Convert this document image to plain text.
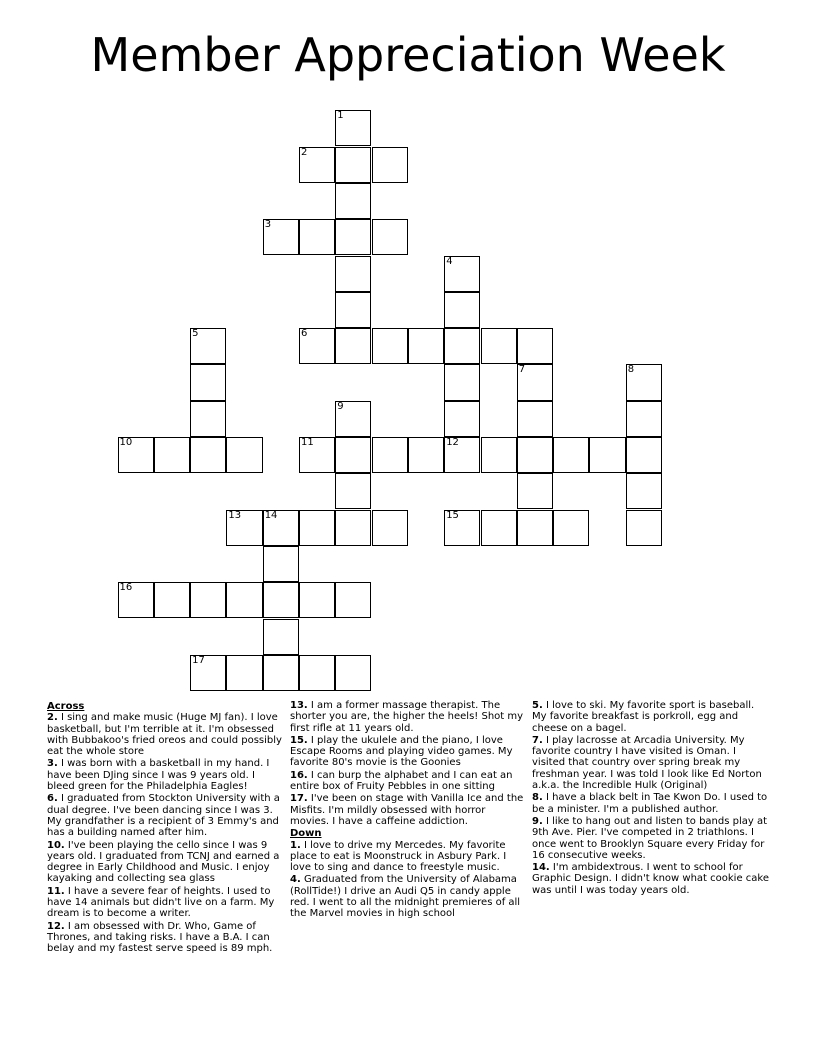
Member Appreciation Week
1
2
3
4
5	6
7	8
9
10	11	12
13 14	15
16
17
Across
2. I sing and make music (Huge MJ fan). I love basketball, but I'm terrible at it. I'm obsessed with Bubbakoo's fried oreos and could possibly eat the whole store
3. I was born with a basketball in my hand. I have been DJing since I was 9 years old. I bleed green for the Philadelphia Eagles!
6. I graduated from Stockton University with a dual degree. I've been dancing since I was 3. My grandfather is a recipient of 3 Emmy's and has a building named after him.
10. I've been playing the cello since I was 9 years old. I graduated from TCNJ and earned a degree in Early Childhood and Music. I enjoy kayaking and collecting sea glass
11. I have a severe fear of heights. I used to have 14 animals but didn't live on a farm. My dream is to become a writer.
12. I am obsessed with Dr. Who, Game of Thrones, and taking risks. I have a B.A. I can belay and my fastest serve speed is 89 mph.
13. I am a former massage therapist. The shorter you are, the higher the heels! Shot my first rifle at 11 years old.
15. I play the ukulele and the piano, I love Escape Rooms and playing video games. My favorite 80's movie is the Goonies
16. I can burp the alphabet and I can eat an entire box of Fruity Pebbles in one sitting
17. I've been on stage with Vanilla Ice and the Misfits. I'm mildly obsessed with horror movies. I have a caffeine addiction.
Down
1. I love to drive my Mercedes. My favorite place to eat is Moonstruck in Asbury Park. I love to sing and dance to freestyle music.
4. Graduated from the University of Alabama (RollTide!) I drive an Audi Q5 in candy apple red. I went to all the midnight premieres of all the Marvel movies in high school
5. I love to ski. My favorite sport is baseball. My favorite breakfast is porkroll, egg and cheese on a bagel.
7. I play lacrosse at Arcadia University. My favorite country I have visited is Oman. I visited that country over spring break my freshman year. I was told I look like Ed Norton a.k.a. the Incredible Hulk (Original)
8. I have a black belt in Tae Kwon Do. I used to be a minister. I'm a published author.
9. I like to hang out and listen to bands play at 9th Ave. Pier. I've competed in 2 triathlons. I once went to Brooklyn Square every Friday for 16 consecutive weeks.
14. I'm ambidextrous. I went to school for Graphic Design. I didn't know what cookie cake was until I was today years old.
